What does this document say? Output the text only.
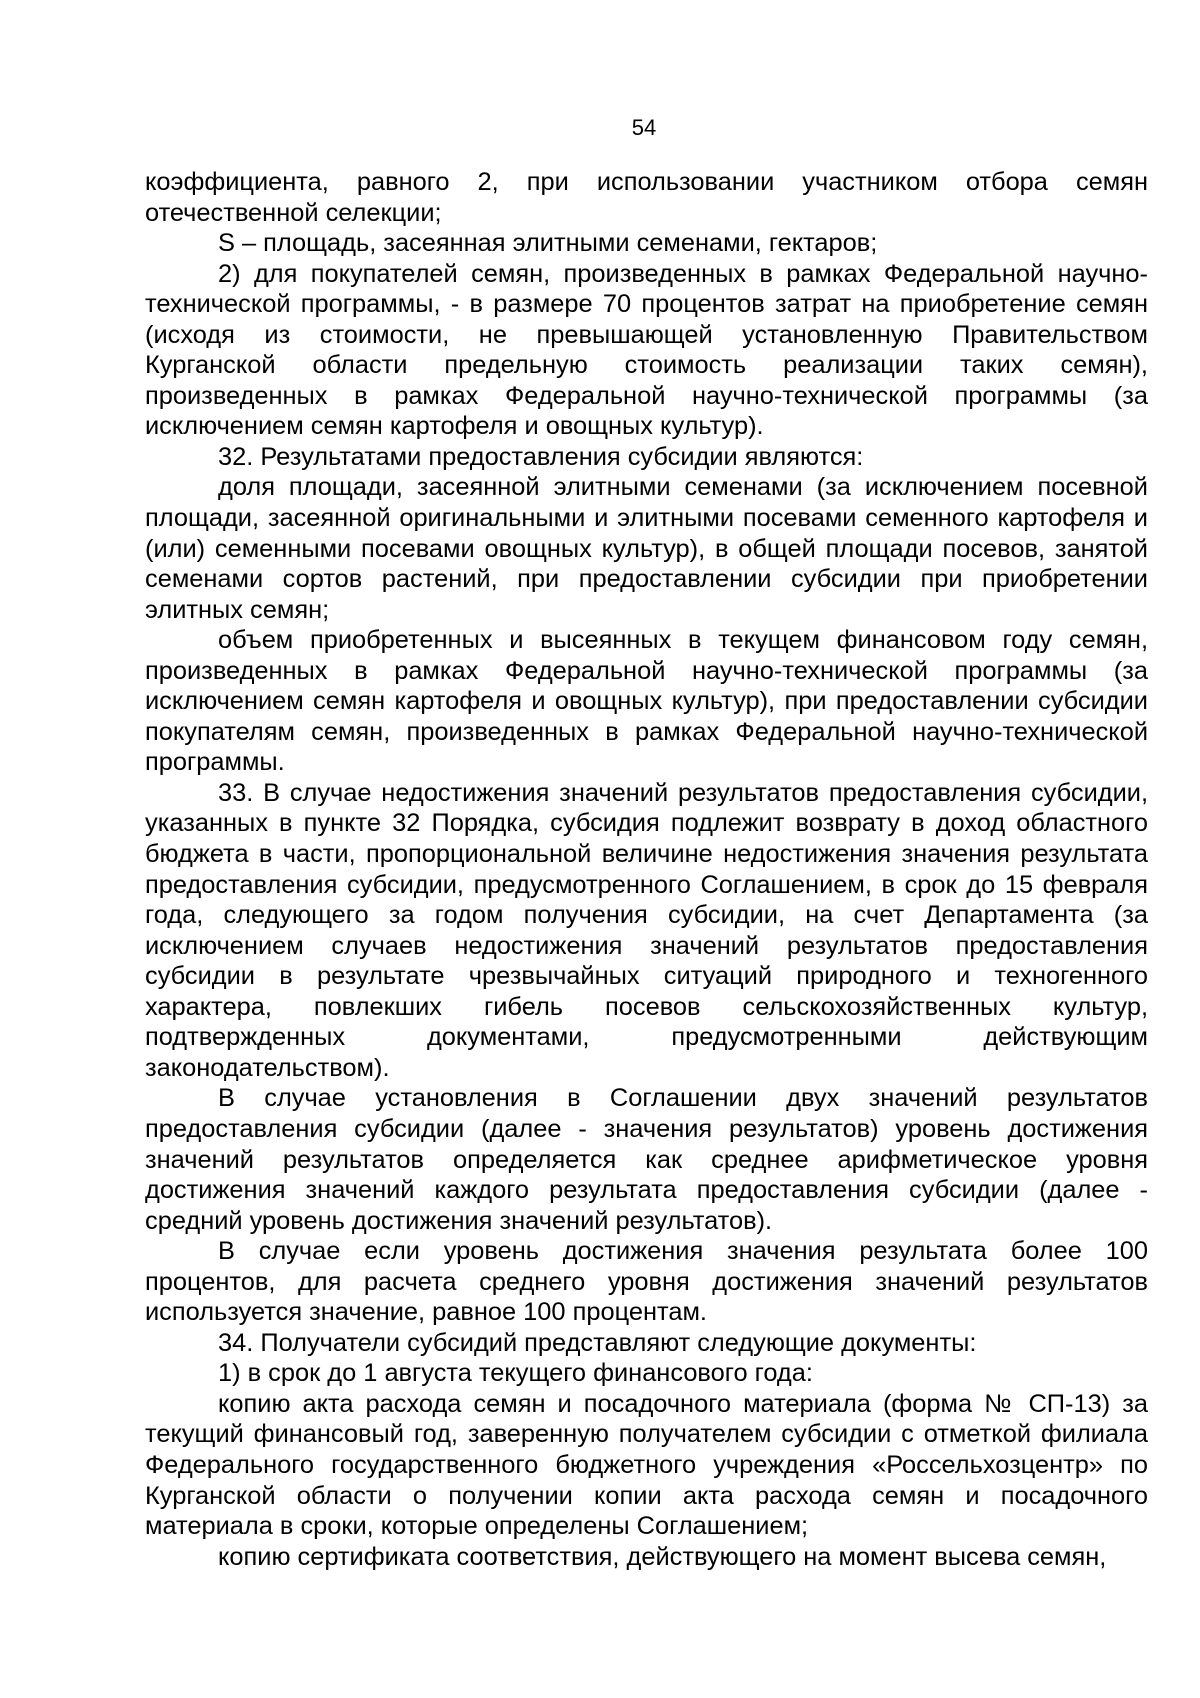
54

коэффициента, равного 2, при использовании участником отбора семян отечественной селекции;

S – площадь, засеянная элитными семенами, гектаров;

2) для покупателей семян, произведенных в рамках Федеральной научно-технической программы, - в размере 70 процентов затрат на приобретение семян (исходя из стоимости, не превышающей установленную Правительством Курганской области предельную стоимость реализации таких семян), произведенных в рамках Федеральной научно-технической программы (за исключением семян картофеля и овощных культур).

32. Результатами предоставления субсидии являются:

доля площади, засеянной элитными семенами (за исключением посевной площади, засеянной оригинальными и элитными посевами семенного картофеля и (или) семенными посевами овощных культур), в общей площади посевов, занятой семенами сортов растений, при предоставлении субсидии при приобретении элитных семян;

объем приобретенных и высеянных в текущем финансовом году семян, произведенных в рамках Федеральной научно-технической программы (за исключением семян картофеля и овощных культур), при предоставлении субсидии покупателям семян, произведенных в рамках Федеральной научно-технической программы.

33. В случае недостижения значений результатов предоставления субсидии, указанных в пункте 32 Порядка, субсидия подлежит возврату в доход областного бюджета в части, пропорциональной величине недостижения значения результата предоставления субсидии, предусмотренного Соглашением, в срок до 15 февраля года, следующего за годом получения субсидии, на счет Департамента (за исключением случаев недостижения значений результатов предоставления субсидии в результате чрезвычайных ситуаций природного и техногенного характера, повлекших гибель посевов сельскохозяйственных культур, подтвержденных документами, предусмотренными действующим законодательством).

В случае установления в Соглашении двух значений результатов предоставления субсидии (далее - значения результатов) уровень достижения значений результатов определяется как среднее арифметическое уровня достижения значений каждого результата предоставления субсидии (далее - средний уровень достижения значений результатов).

В случае если уровень достижения значения результата более 100 процентов, для расчета среднего уровня достижения значений результатов используется значение, равное 100 процентам.

34. Получатели субсидий представляют следующие документы:

1) в срок до 1 августа текущего финансового года:

копию акта расхода семян и посадочного материала (форма № СП-13) за текущий финансовый год, заверенную получателем субсидии с отметкой филиала Федерального государственного бюджетного учреждения «Россельхозцентр» по Курганской области о получении копии акта расхода семян и посадочного материала в сроки, которые определены Соглашением;

копию сертификата соответствия, действующего на момент высева семян,
